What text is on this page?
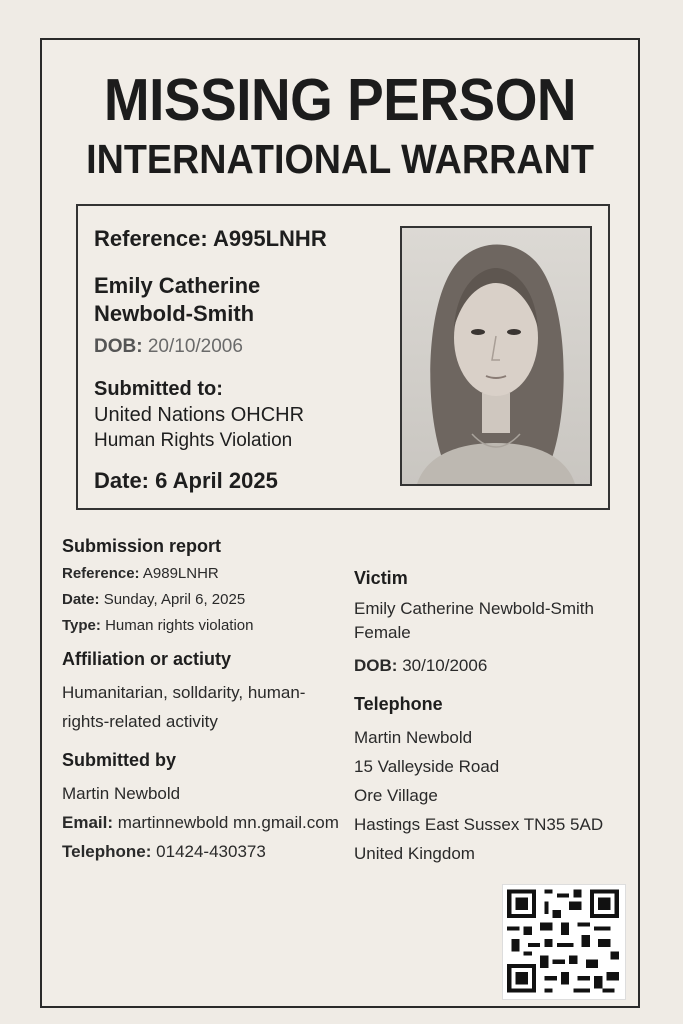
MISSING PERSON
INTERNATIONAL WARRANT
Reference: A995LNHR
Emily Catherine
Newbold-Smith
DOB: 20/10/2006
Submitted to:
United Nations OHCHR
Human Rights Violation
Date: 6 April 2025
Submission report
Reference: A989LNHR
Date: Sunday, April 6, 2025
Type: Human rights violation
Affiliation or actiuty
Humanitarian, solldarity, human-
rights-related activity
Submitted by
Martin Newbold
Email: martinnewbold mn.gmail.com
Telephone: 01424-430373
Victim
Emily Catherine Newbold-Smith
Female
DOB: 30/10/2006
Telephone
Martin Newbold
15 Valleyside Road
Ore Village
Hastings East Sussex TN35 5AD
United Kingdom
